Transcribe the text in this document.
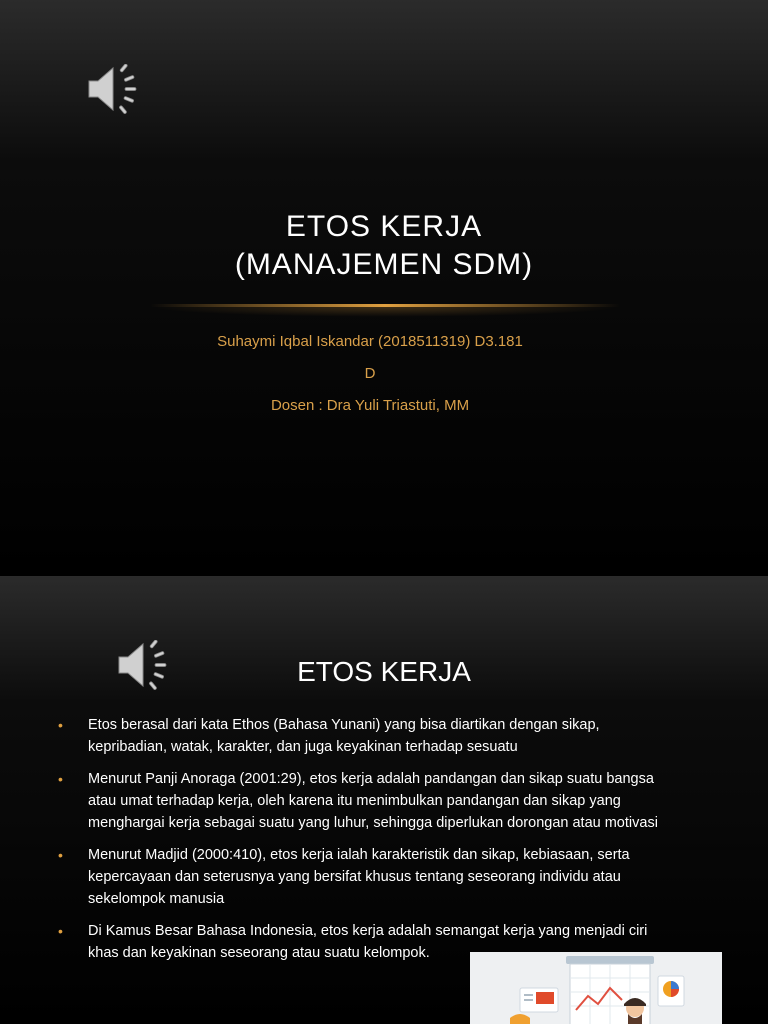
ETOS KERJA
(MANAJEMEN SDM)
Suhaymi Iqbal Iskandar (2018511319) D3.181
D
Dosen : Dra Yuli Triastuti, MM
ETOS KERJA
• Etos berasal dari kata Ethos (Bahasa Yunani) yang bisa diartikan dengan sikap,
kepribadian, watak, karakter, dan juga keyakinan terhadap sesuatu
• Menurut Panji Anoraga (2001:29), etos kerja adalah pandangan dan sikap suatu bangsa
atau umat terhadap kerja, oleh karena itu menimbulkan pandangan dan sikap yang
menghargai kerja sebagai suatu yang luhur, sehingga diperlukan dorongan atau motivasi
• Menurut Madjid (2000:410), etos kerja ialah karakteristik dan sikap, kebiasaan, serta
kepercayaan dan seterusnya yang bersifat khusus tentang seseorang individu atau
sekelompok manusia
• Di Kamus Besar Bahasa Indonesia, etos kerja adalah semangat kerja yang menjadi ciri
khas dan keyakinan seseorang atau suatu kelompok.
